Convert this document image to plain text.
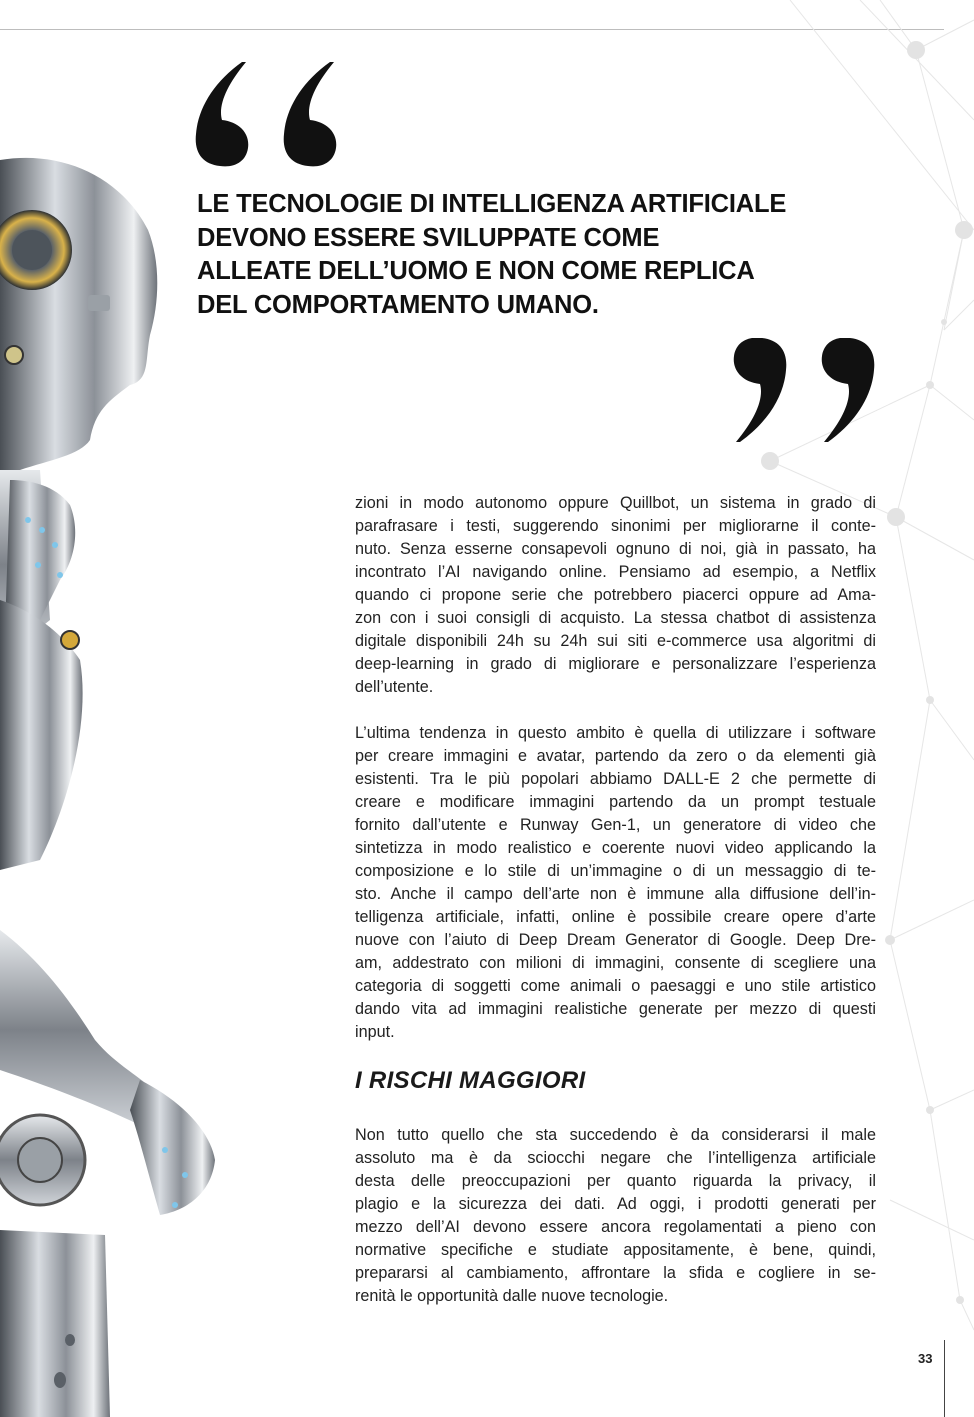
LE TECNOLOGIE DI INTELLIGENZA ARTIFICIALE
DEVONO ESSERE SVILUPPATE COME
ALLEATE DELL’UOMO E NON COME REPLICA
DEL COMPORTAMENTO UMANO.

zioni in modo autonomo oppure Quillbot, un sistema in grado di
parafrasare i testi, suggerendo sinonimi per migliorarne il conte-
nuto. Senza esserne consapevoli ognuno di noi, già in passato, ha
incontrato l’AI navigando online. Pensiamo ad esempio, a Netflix
quando ci propone serie che potrebbero piacerci oppure ad Ama-
zon con i suoi consigli di acquisto. La stessa chatbot di assistenza
digitale disponibili 24h su 24h sui siti e-commerce usa algoritmi di
deep-learning in grado di migliorare e personalizzare l’esperienza
dell’utente.

L’ultima tendenza in questo ambito è quella di utilizzare i software
per creare immagini e avatar, partendo da zero o da elementi già
esistenti. Tra le più popolari abbiamo DALL-E 2 che permette di
creare e modificare immagini partendo da un prompt testuale
fornito dall’utente e Runway Gen-1, un generatore di video che
sintetizza in modo realistico e coerente nuovi video applicando la
composizione e lo stile di un’immagine o di un messaggio di te-
sto. Anche il campo dell’arte non è immune alla diffusione dell’in-
telligenza artificiale, infatti, online è possibile creare opere d’arte
nuove con l’aiuto di Deep Dream Generator di Google. Deep Dre-
am, addestrato con milioni di immagini, consente di scegliere una
categoria di soggetti come animali o paesaggi e uno stile artistico
dando vita ad immagini realistiche generate per mezzo di questi
input.

I RISCHI MAGGIORI

Non tutto quello che sta succedendo è da considerarsi il male
assoluto ma è da sciocchi negare che l’intelligenza artificiale
desta delle preoccupazioni per quanto riguarda la privacy, il
plagio e la sicurezza dei dati. Ad oggi, i prodotti generati per
mezzo dell’AI devono essere ancora regolamentati a pieno con
normative specifiche e studiate appositamente, è bene, quindi,
prepararsi al cambiamento, affrontare la sfida e cogliere in se-
renità le opportunità dalle nuove tecnologie.

33
